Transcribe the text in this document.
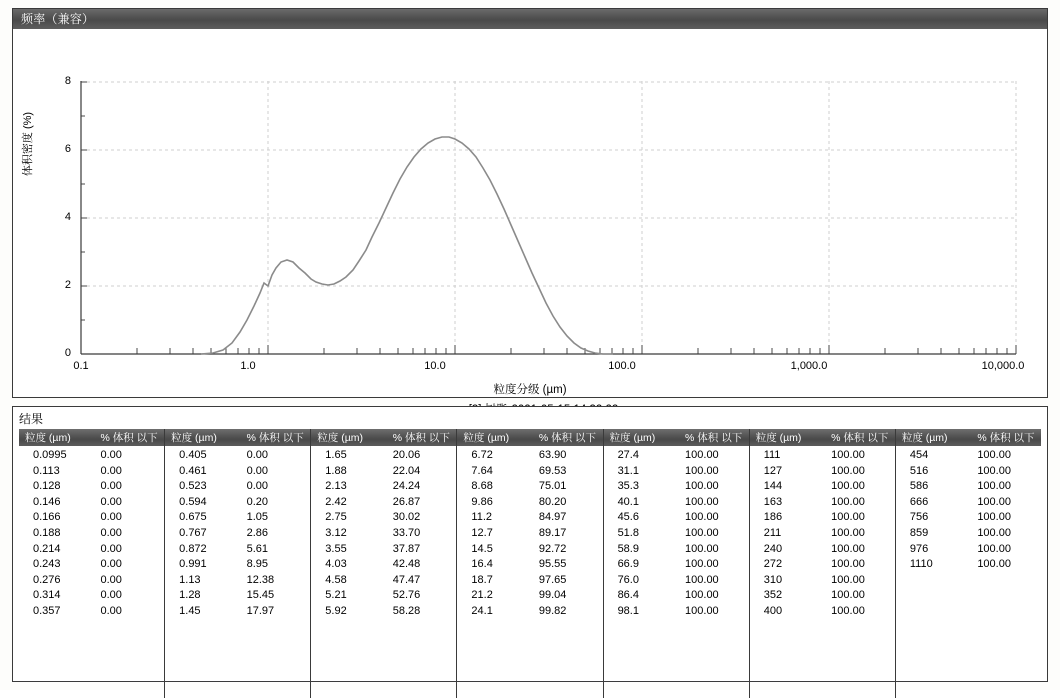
频率（兼容）
体积密度 (%)
0
2
4
6
8
0.1	1.0	10.0	100.0	1,000.0	10,000.0
粒度分级 (µm)
结果
粒度 (µm)	% 体积 以下
0.0995	0.00
0.113	0.00
0.128	0.00
0.146	0.00
0.166	0.00
0.188	0.00
0.214	0.00
0.243	0.00
0.276	0.00
0.314	0.00
0.357	0.00
粒度 (µm)	% 体积 以下
0.405	0.00
0.461	0.00
0.523	0.00
0.594	0.20
0.675	1.05
0.767	2.86
0.872	5.61
0.991	8.95
1.13	12.38
1.28	15.45
1.45	17.97
粒度 (µm)	% 体积 以下
1.65	20.06
1.88	22.04
2.13	24.24
2.42	26.87
2.75	30.02
3.12	33.70
3.55	37.87
4.03	42.48
4.58	47.47
5.21	52.76
5.92	58.28
粒度 (µm)	% 体积 以下
6.72	63.90
7.64	69.53
8.68	75.01
9.86	80.20
11.2	84.97
12.7	89.17
14.5	92.72
16.4	95.55
18.7	97.65
21.2	99.04
24.1	99.82
粒度 (µm)	% 体积 以下
27.4	100.00
31.1	100.00
35.3	100.00
40.1	100.00
45.6	100.00
51.8	100.00
58.9	100.00
66.9	100.00
76.0	100.00
86.4	100.00
98.1	100.00
粒度 (µm)	% 体积 以下
111	100.00
127	100.00
144	100.00
163	100.00
186	100.00
211	100.00
240	100.00
272	100.00
310	100.00
352	100.00
400	100.00
粒度 (µm)	% 体积 以下
454	100.00
516	100.00
586	100.00
666	100.00
756	100.00
859	100.00
976	100.00
1110	100.00
